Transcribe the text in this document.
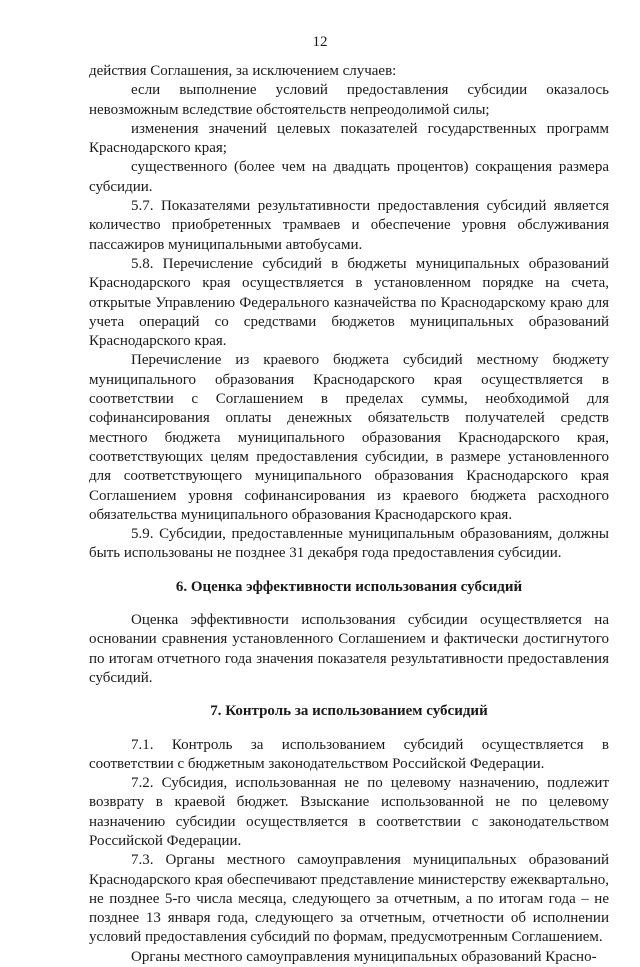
12

действия Соглашения, за исключением случаев:

если выполнение условий предоставления субсидии оказалось невозможным вследствие обстоятельств непреодолимой силы;

изменения значений целевых показателей государственных программ Краснодарского края;

существенного (более чем на двадцать процентов) сокращения размера субсидии.

5.7. Показателями результативности предоставления субсидий является количество приобретенных трамваев и обеспечение уровня обслуживания пассажиров муниципальными автобусами.

5.8. Перечисление субсидий в бюджеты муниципальных образований Краснодарского края осуществляется в установленном порядке на счета, открытые Управлению Федерального казначейства по Краснодарскому краю для учета операций со средствами бюджетов муниципальных образований Краснодарского края.

Перечисление из краевого бюджета субсидий местному бюджету муниципального образования Краснодарского края осуществляется в соответствии с Соглашением в пределах суммы, необходимой для софинансирования оплаты денежных обязательств получателей средств местного бюджета муниципального образования Краснодарского края, соответствующих целям предоставления субсидии, в размере установленного для соответствующего муниципального образования Краснодарского края Соглашением уровня софинансирования из краевого бюджета расходного обязательства муниципального образования Краснодарского края.

5.9. Субсидии, предоставленные муниципальным образованиям, должны быть использованы не позднее 31 декабря года предоставления субсидии.

6. Оценка эффективности использования субсидий

Оценка эффективности использования субсидии осуществляется на основании сравнения установленного Соглашением и фактически достигнутого по итогам отчетного года значения показателя результативности предоставления субсидий.

7. Контроль за использованием субсидий

7.1. Контроль за использованием субсидий осуществляется в соответствии с бюджетным законодательством Российской Федерации.

7.2. Субсидия, использованная не по целевому назначению, подлежит возврату в краевой бюджет. Взыскание использованной не по целевому назначению субсидии осуществляется в соответствии с законодательством Российской Федерации.

7.3. Органы местного самоуправления муниципальных образований Краснодарского края обеспечивают представление министерству ежеквартально, не позднее 5-го числа месяца, следующего за отчетным, а по итогам года – не позднее 13 января года, следующего за отчетным, отчетности об исполнении условий предоставления субсидий по формам, предусмотренным Соглашением.

Органы местного самоуправления муниципальных образований Красно-
